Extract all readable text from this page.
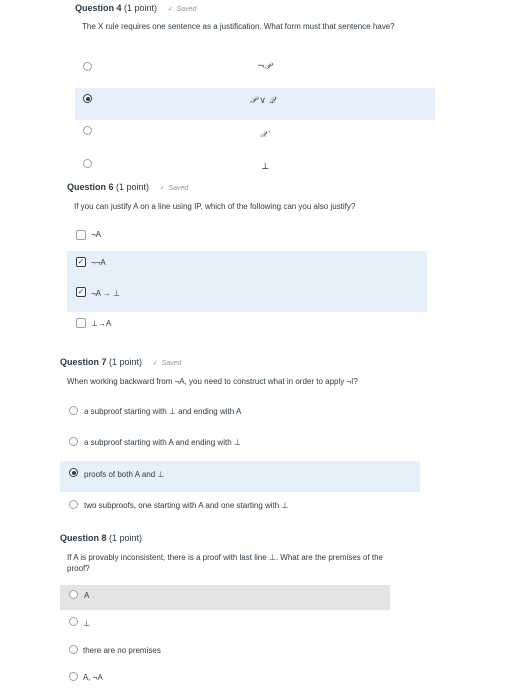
Question 4 (1 point) ✓ Saved
The X rule requires one sentence as a justification. What form must that sentence have?
¬𝒫
𝒫 ∨ 𝒬
𝒳
⊥
Question 6 (1 point) ✓ Saved
If you can justify A on a line using IP, which of the following can you also justify?
¬A
✓ ¬¬A
✓ ¬A → ⊥
⊥→A
Question 7 (1 point) ✓ Saved
When working backward from ¬A, you need to construct what in order to apply ¬I?
a subproof starting with ⊥ and ending with A
a subproof starting with A and ending with ⊥
proofs of both A and ⊥
two subproofs, one starting with A and one starting with ⊥
Question 8 (1 point)
If A is provably inconsistent, there is a proof with last line ⊥. What are the premises of the proof?
A
⊥
there are no premises
A, ¬A
